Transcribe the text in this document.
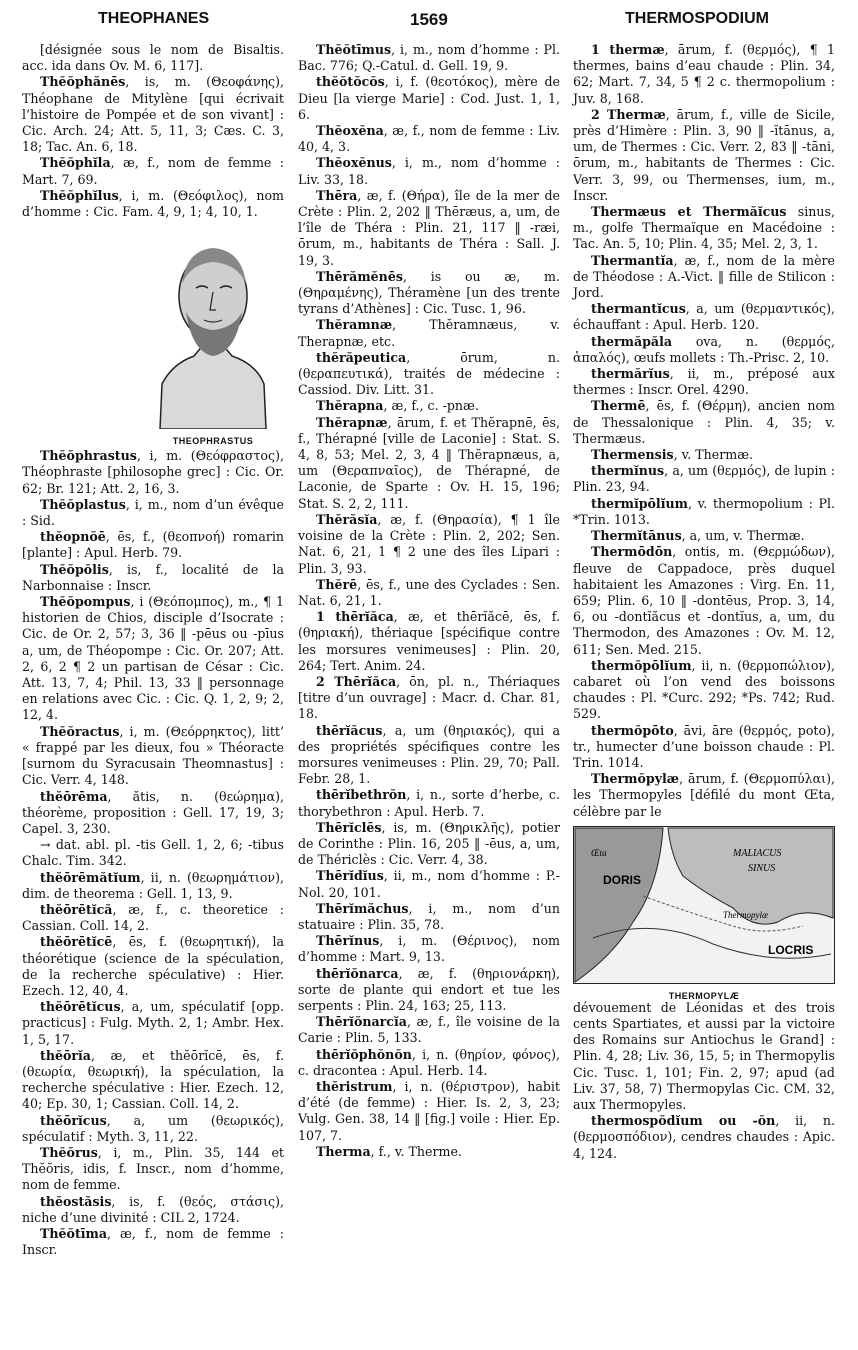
THEOPHANES	1569	THERMOSPODIUM

[désignée sous le nom de Bisaltis. acc. ida dans Ov. M. 6, 117].

Thĕŏphănēs, is, m. (Θεοφάνης), Théophane de Mitylène [qui écrivait l’histoire de Pompée et de son vivant] : Cic. Arch. 24; Att. 5, 11, 3; Cæs. C. 3, 18; Tac. An. 6, 18.

Thĕŏphĭla, æ, f., nom de femme : Mart. 7, 69.

Thĕŏphĭlus, i, m. (Θεόφιλος), nom d’homme : Cic. Fam. 4, 9, 1; 4, 10, 1.

THEOPHRASTUS

Thĕŏphrastus, i, m. (Θεόφραστος), Théophraste [philosophe grec] : Cic. Or. 62; Br. 121; Att. 2, 16, 3.

Thĕŏplastus, i, m., nom d’un évêque : Sid.

thĕopnŏē, ēs, f., (θεοπνοή) romarin [plante] : Apul. Herb. 79.

Thĕŏpŏlis, is, f., localité de la Narbonnaise : Inscr.

Thĕŏpompus, i (Θεόπομπος), m., ¶ 1 historien de Chios, disciple d’Isocrate : Cic. de Or. 2, 57; 3, 36 ‖ -pēus ou -pīus a, um, de Théopompe : Cic. Or. 207; Att. 2, 6, 2 ¶ 2 un partisan de César : Cic. Att. 13, 7, 4; Phil. 13, 33 ‖ personnage en relations avec Cic. : Cic. Q. 1, 2, 9; 2, 12, 4.

Thĕŏractus, i, m. (Θεόρρηκτος), litt’ « frappé par les dieux, fou » Théoracte [surnom du Syracusain Theomnastus] : Cic. Verr. 4, 148.

thĕōrēma, ătis, n. (θεώρημα), théorème, proposition : Gell. 17, 19, 3; Capel. 3, 230.

→ dat. abl. pl. -tis Gell. 1, 2, 6; -tibus Chalc. Tim. 342.

thĕōrēmătĭum, ii, n. (θεωρημάτιον), dim. de theorema : Gell. 1, 13, 9.

thĕōrētĭcă, æ, f., c. theoretice : Cassian. Coll. 14, 2.

thĕōrētĭcē, ēs, f. (θεωρητική), la théorétique (science de la spéculation, de la recherche spéculative) : Hier. Ezech. 12, 40, 4.

thĕōrētĭcus, a, um, spéculatif [opp. practicus] : Fulg. Myth. 2, 1; Ambr. Hex. 1, 5, 17.

thĕōrĭa, æ, et thĕōrĭcē, ēs, f. (θεωρία, θεωρική), la spéculation, la recherche spéculative : Hier. Ezech. 12, 40; Ep. 30, 1; Cassian. Coll. 14, 2.

thĕōrĭcus, a, um (θεωρικός), spéculatif : Myth. 3, 11, 22.

Thĕŏrus, i, m., Plin. 35, 144 et Thĕŏris, idis, f. Inscr., nom d’homme, nom de femme.

thĕostăsis, is, f. (θεός, στάσις), niche d’une divinité : CIL 2, 1724.

Thĕŏtīma, æ, f., nom de femme : Inscr.

Thĕŏtīmus, i, m., nom d’homme : Pl. Bac. 776; Q.-Catul. d. Gell. 19, 9.

thĕŏtŏcŏs, i, f. (θεοτόκος), mère de Dieu [la vierge Marie] : Cod. Just. 1, 1, 6.

Thĕoxĕna, æ, f., nom de femme : Liv. 40, 4, 3.

Thĕoxĕnus, i, m., nom d’homme : Liv. 33, 18.

Thēra, æ, f. (Θήρα), île de la mer de Crète : Plin. 2, 202 ‖ Thēræus, a, um, de l’île de Théra : Plin. 21, 117 ‖ -ræi, ōrum, m., habitants de Théra : Sall. J. 19, 3.

Thērămĕnēs, is ou æ, m. (Θηραμένης), Théramène [un des trente tyrans d’Athènes] : Cic. Tusc. 1, 96.

Thĕramnæ, Thĕramnæus, v. Therapnæ, etc.

thĕrăpeutica, ōrum, n. (θεραπευτικά), traités de médecine : Cassiod. Div. Litt. 31.

Thĕrapna, æ, f., c. -pnæ.

Thĕrapnæ, ārum, f. et Thĕrapnē, ēs, f., Thérapné [ville de Laconie] : Stat. S. 4, 8, 53; Mel. 2, 3, 4 ‖ Thĕrapnæus, a, um (Θεραπναῖος), de Thérapné, de Laconie, de Sparte : Ov. H. 15, 196; Stat. S. 2, 2, 111.

Thĕrăsĭa, æ, f. (Θηρασία), ¶ 1 île voisine de la Crète : Plin. 2, 202; Sen. Nat. 6, 21, 1 ¶ 2 une des îles Lipari : Plin. 3, 93.

Thĕrē, ēs, f., une des Cyclades : Sen. Nat. 6, 21, 1.

1 thērĭăca, æ, et thērĭăcē, ēs, f. (θηριακή), thériaque [spécifique contre les morsures venimeuses] : Plin. 20, 264; Tert. Anim. 24.

2 Thērĭăca, ōn, pl. n., Thériaques [titre d’un ouvrage] : Macr. d. Char. 81, 18.

thērĭăcus, a, um (θηριακός), qui a des propriétés spécifiques contre les morsures venimeuses : Plin. 29, 70; Pall. Febr. 28, 1.

thērĭbethrŏn, i, n., sorte d’herbe, c. thorybethron : Apul. Herb. 7.

Thērĭclēs, is, m. (Θηρικλῆς), potier de Corinthe : Plin. 16, 205 ‖ -ēus, a, um, de Thériclès : Cic. Verr. 4, 38.

Thērĭdĭus, ii, m., nom d’homme : P.-Nol. 20, 101.

Thērĭmăchus, i, m., nom d’un statuaire : Plin. 35, 78.

Thērĭnus, i, m. (Θέρινος), nom d’homme : Mart. 9, 13.

thērĭŏnarca, æ, f. (θηριονάρκη), sorte de plante qui endort et tue les serpents : Plin. 24, 163; 25, 113.

Thērĭŏnarcĭa, æ, f., île voisine de la Carie : Plin. 5, 133.

thērĭŏphŏnŏn, i, n. (θηρίον, φόνος), c. dracontea : Apul. Herb. 14.

thĕristrum, i, n. (θέριστρον), habit d’été (de femme) : Hier. Is. 2, 3, 23; Vulg. Gen. 38, 14 ‖ [fig.] voile : Hier. Ep. 107, 7.

Therma, f., v. Therme.

1 thermæ, ārum, f. (θερμός), ¶ 1 thermes, bains d’eau chaude : Plin. 34, 62; Mart. 7, 34, 5 ¶ 2 c. thermopolium : Juv. 8, 168.

2 Thermæ, ārum, f., ville de Sicile, près d’Himère : Plin. 3, 90 ‖ -ĭtānus, a, um, de Thermes : Cic. Verr. 2, 83 ‖ -tāni, ōrum, m., habitants de Thermes : Cic. Verr. 3, 99, ou Thermenses, ium, m., Inscr.

Thermæus et Thermăĭcus sinus, m., golfe Thermaïque en Macédoine : Tac. An. 5, 10; Plin. 4, 35; Mel. 2, 3, 1.

Thermantĭa, æ, f., nom de la mère de Théodose : A.-Vict. ‖ fille de Stilicon : Jord.

thermantĭcus, a, um (θερμαντικός), échauffant : Apul. Herb. 120.

thermăpăla ova, n. (θερμός, ἁπαλός), œufs mollets : Th.-Prisc. 2, 10.

thermărĭus, ii, m., préposé aux thermes : Inscr. Orel. 4290.

Thermē, ēs, f. (Θέρμη), ancien nom de Thessalonique : Plin. 4, 35; v. Thermæus.

Thermensis, v. Thermæ.

thermĭnus, a, um (θερμός), de lupin : Plin. 23, 94.

thermĭpōlĭum, v. thermopolium : Pl. *Trin. 1013.

Thermĭtānus, a, um, v. Thermæ.

Thermōdōn, ontis, m. (Θερμώδων), fleuve de Cappadoce, près duquel habitaient les Amazones : Virg. En. 11, 659; Plin. 6, 10 ‖ -dontēus, Prop. 3, 14, 6, ou -dontĭăcus et -dontĭus, a, um, du Thermodon, des Amazones : Ov. M. 12, 611; Sen. Med. 215.

thermŏpōlĭum, ii, n. (θερμοπώλιον), cabaret où l’on vend des boissons chaudes : Pl. *Curc. 292; *Ps. 742; Rud. 529.

thermŏpōto, āvi, āre (θερμός, poto), tr., humecter d’une boisson chaude : Pl. Trin. 1014.

Thermŏpylæ, ārum, f. (Θερμοπύλαι), les Thermopyles [défilé du mont Œta, célèbre par le

MALIACUS
SINUS
LOCRIS
DORIS
Thermopylæ
Œta
THERMOPYLÆ

dévouement de Léonidas et des trois cents Spartiates, et aussi par la victoire des Romains sur Antiochus le Grand] : Plin. 4, 28; Liv. 36, 15, 5; in Thermopylis Cic. Tusc. 1, 101; Fin. 2, 97; apud (ad Liv. 37, 58, 7) Thermopylas Cic. CM. 32, aux Thermopyles.

thermospŏdĭum ou -ŏn, ii, n. (θερμοσπόδιον), cendres chaudes : Apic. 4, 124.
